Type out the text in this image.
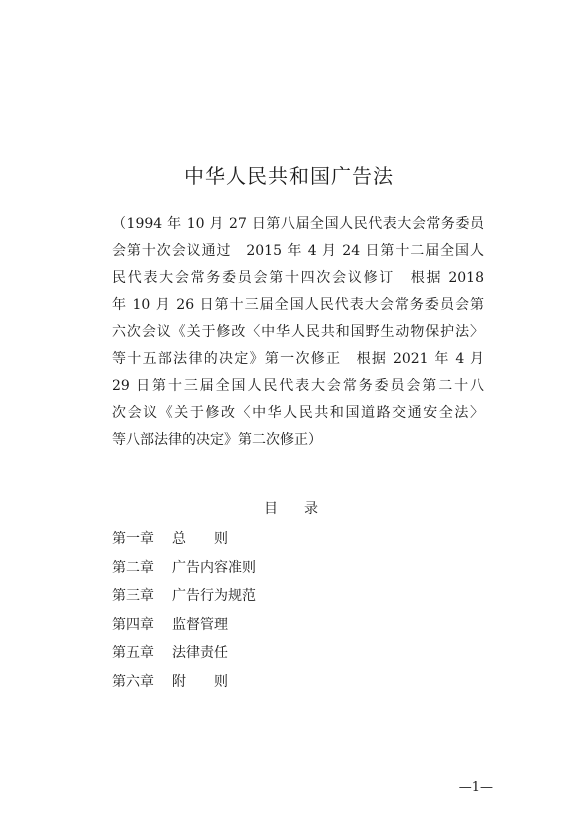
中华人民共和国广告法
（1994 年 10 月 27 日第八届全国人民代表大会常务委员
会第十次会议通过　2015 年 4 月 24 日第十二届全国人
民代表大会常务委员会第十四次会议修订　根据 2018
年 10 月 26 日第十三届全国人民代表大会常务委员会第
六次会议《关于修改〈中华人民共和国野生动物保护法〉
等十五部法律的决定》第一次修正　根据 2021 年 4 月
29 日第十三届全国人民代表大会常务委员会第二十八
次会议《关于修改〈中华人民共和国道路交通安全法〉
等八部法律的决定》第二次修正）
目 录
第一章 总　　则
第二章 广告内容准则
第三章 广告行为规范
第四章 监督管理
第五章 法律责任
第六章 附　　则
—1—
